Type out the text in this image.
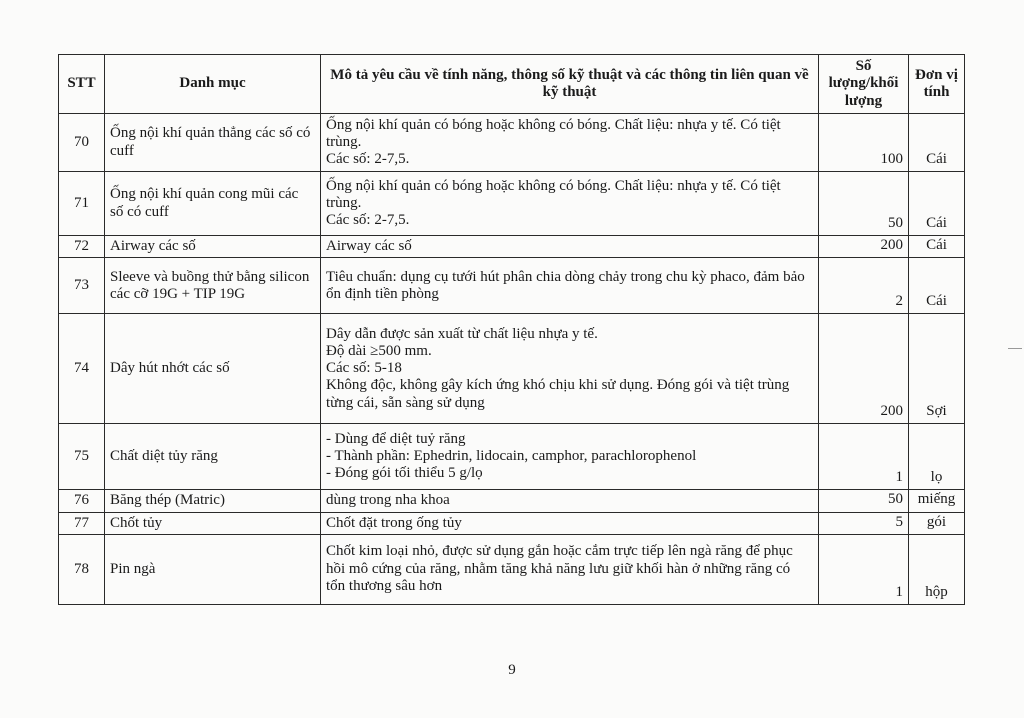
STT	Danh mục	Mô tả yêu cầu về tính năng, thông số kỹ thuật và các thông tin liên quan về kỹ thuật	Số lượng/khối lượng	Đơn vị tính
70	Ống nội khí quản thẳng các số có cuff	Ống nội khí quản có bóng hoặc không có bóng. Chất liệu: nhựa y tế. Có tiệt trùng.
Các số: 2-7,5.	100	Cái
71	Ống nội khí quản cong mũi các số có cuff	Ống nội khí quản có bóng hoặc không có bóng. Chất liệu: nhựa y tế. Có tiệt trùng.
Các số: 2-7,5.	50	Cái
72	Airway các số	Airway các số	200	Cái
73	Sleeve và buồng thử bằng silicon các cỡ 19G + TIP 19G	Tiêu chuẩn: dụng cụ tưới hút phân chia dòng chảy trong chu kỳ phaco, đảm bảo ổn định tiền phòng	2	Cái
74	Dây hút nhớt các số	Dây dẫn được sản xuất từ chất liệu nhựa y tế.
Độ dài ≥500 mm.
Các số: 5-18
Không độc, không gây kích ứng khó chịu khi sử dụng. Đóng gói và tiệt trùng từng cái, sẵn sàng sử dụng	200	Sợi
75	Chất diệt tủy răng	- Dùng để diệt tuỷ răng
- Thành phần: Ephedrin, lidocain, camphor, parachlorophenol
- Đóng gói tối thiểu 5 g/lọ	1	lọ
76	Băng thép (Matric)	dùng trong nha khoa	50	miếng
77	Chốt tủy	Chốt đặt trong ống tủy	5	gói
78	Pin ngà	Chốt kim loại nhỏ, được sử dụng gắn hoặc cắm trực tiếp lên ngà răng để phục hồi mô cứng của răng, nhằm tăng khả năng lưu giữ khối hàn ở những răng có tổn thương sâu hơn	1	hộp
9
